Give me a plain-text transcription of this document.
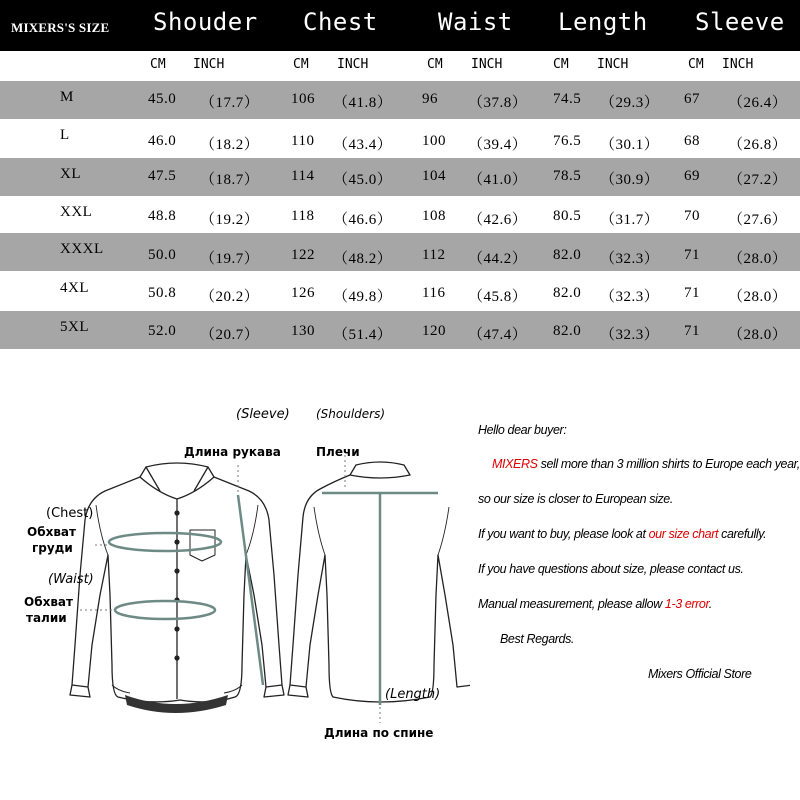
MIXERS'S SIZE Shouder Chest	Waist Length Sleeve
CM INCH	CM INCH	CM INCH	CM INCH	CM INCH
M	45.0 （17.7） 106 （41.8） 96 （37.8） 74.5 （29.3） 67 （26.4）
L	46.0 （18.2） 110 （43.4） 100 （39.4） 76.5 （30.1） 68 （26.8）
XL	47.5 （18.7） 114 （45.0） 104 （41.0） 78.5 （30.9） 69 （27.2）
XXL	48.8 （19.2） 118 （46.6） 108 （42.6） 80.5 （31.7） 70 （27.6）
XXXL	50.0 （19.7） 122 （48.2） 112 （44.2） 82.0 （32.3） 71 （28.0）
4XL	50.8 （20.2） 126 （49.8） 116 （45.8） 82.0 （32.3） 71 （28.0）
5XL	52.0 （20.7） 130 （51.4） 120 （47.4） 82.0 （32.3） 71 （28.0）
(Sleeve) (Shoulders)
Длина рукава	Плечи
(Chest)
Обхват
груди
(Waist)
Обхват
талии
(Length)
Длина по спине
Hello dear buyer:
MIXERS sell more than 3 million shirts to Europe each year,
so our size is closer to European size.
If you want to buy, please look at our size chart carefully.
If you have questions about size, please contact us.
Manual measurement, please allow 1-3 error.
Best Regards.
Mixers Official Store
